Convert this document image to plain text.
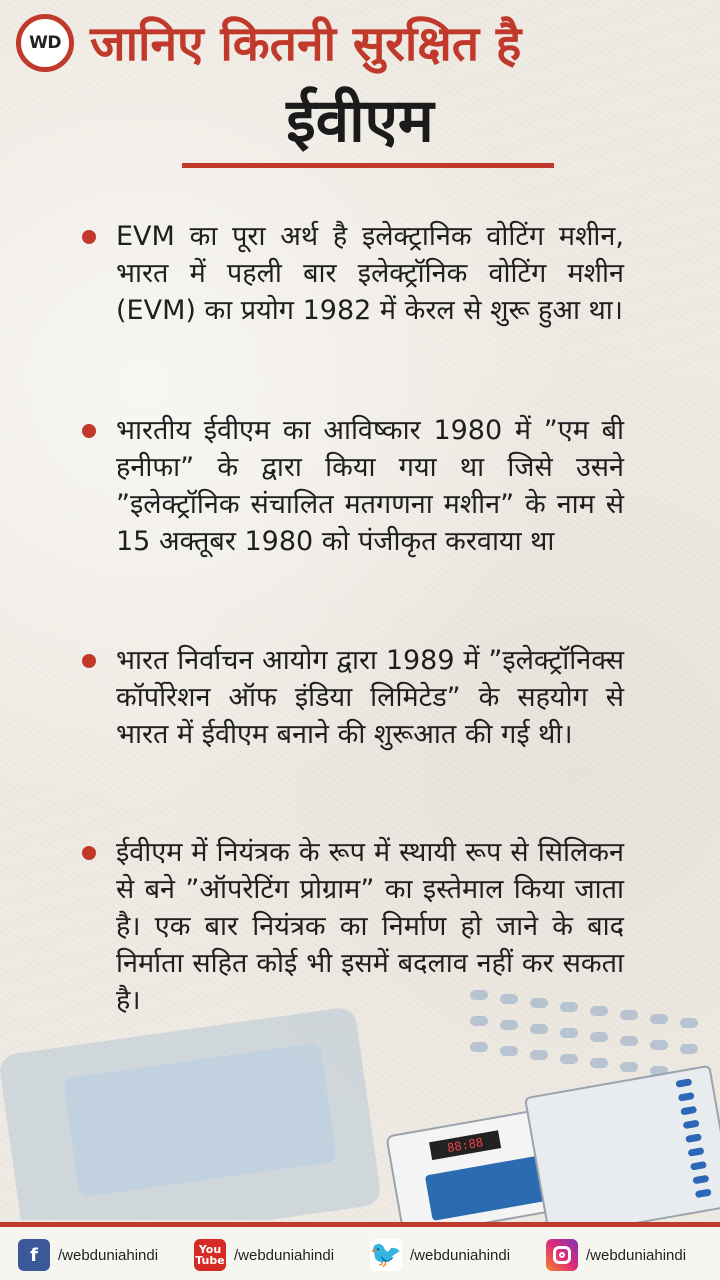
WD जानिए कितनी सुरक्षित है
ईवीएम
EVM का पूरा अर्थ है इलेक्ट्रानिक वोटिंग मशीन, भारत में पहली बार इलेक्ट्रॉनिक वोटिंग मशीन (EVM) का प्रयोग 1982 में केरल से शुरू हुआ था।
भारतीय ईवीएम का आविष्कार 1980 में ”एम बी हनीफा” के द्वारा किया गया था जिसे उसने ”इलेक्ट्रॉनिक संचालित मतगणना मशीन” के नाम से 15 अक्तूबर 1980 को पंजीकृत करवाया था
भारत निर्वाचन आयोग द्वारा 1989 में ”इलेक्ट्रॉनिक्स कॉर्पोरेशन ऑफ इंडिया लिमिटेड” के सहयोग से भारत में ईवीएम बनाने की शुरूआत की गई थी।
ईवीएम में नियंत्रक के रूप में स्थायी रूप से सिलिकन से बने ”ऑपरेटिंग प्रोग्राम” का इस्तेमाल किया जाता है। एक बार नियंत्रक का निर्माण हो जाने के बाद निर्माता सहित कोई भी इसमें बदलाव नहीं कर सकता है।
88:88
f	/webduniahindi	You Tube /webduniahindi 🐦 /webduniahindi	/webduniahindi
